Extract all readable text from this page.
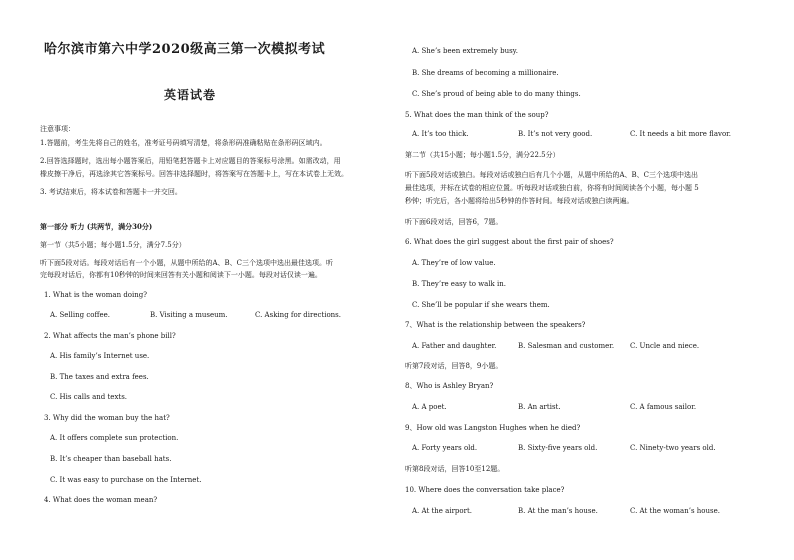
哈尔滨市第六中学2020级高三第一次模拟考试
英语试卷
注意事项：
1.答题前，考生先将自己的姓名，准考证号码填写清楚，将条形码准确粘贴在条形码区域内。
2.回答选择题时，选出每小题答案后，用铅笔把答题卡上对应题目的答案标号涂黑。如需改动，用
橡皮擦干净后，再选涂其它答案标号。回答非选择题时，将答案写在答题卡上，写在本试卷上无效。
3. 考试结束后，将本试卷和答题卡一并交回。
第一部分 听力 (共两节，满分30分)
第一节（共5小题；每小题1.5分，满分7.5分）
听下面5段对话。每段对话后有一个小题，从题中所给的A、B、C三个选项中选出最佳选项。听
完每段对话后，你都有10秒钟的时间来回答有关小题和阅读下一小题。每段对话仅读一遍。
1. What is the woman doing?
A. Selling coffee.	B. Visiting a museum.	C. Asking for directions.
2. What affects the man’s phone bill?
A. His family’s Internet use.
B. The taxes and extra fees.
C. His calls and texts.
3. Why did the woman buy the hat?
A. It offers complete sun protection.
B. It’s cheaper than baseball hats.
C. It was easy to purchase on the Internet.
4. What does the woman mean?
A. She’s been extremely busy.
B. She dreams of becoming a millionaire.
C. She’s proud of being able to do many things.
5. What does the man think of the soup?
A. It’s too thick.	B. It’s not very good.	C. It needs a bit more flavor.
第二节（共15小题；每小题1.5分，满分22.5分）
听下面5段对话或独白。每段对话或独白后有几个小题，从题中所给的A、B、C三个选项中选出
最佳选项，并标在试卷的相应位置。听每段对话或独白前，你将有时间阅读各个小题，每小题 5
秒钟；听完后，各小题将给出5秒钟的作答时间。每段对话或独白读两遍。
听下面6段对话，回答6，7题。
6. What does the girl suggest about the first pair of shoes?
A. They’re of low value.
B. They’re easy to walk in.
C. She’ll be popular if she wears them.
7、What is the relationship between the speakers?
A. Father and daughter.	B. Salesman and customer. C. Uncle and niece.
听第7段对话，回答8，9小题。
8、Who is Ashley Bryan?
A. A poet.	B. An artist.	C. A famous sailor.
9、How old was Langston Hughes when he died?
A. Forty years old.	B. Sixty-five years old.	C. Ninety-two years old.
听第8段对话，回答10至12题。
10. Where does the conversation take place?
A. At the airport.	B. At the man’s house.	C. At the woman’s house.
